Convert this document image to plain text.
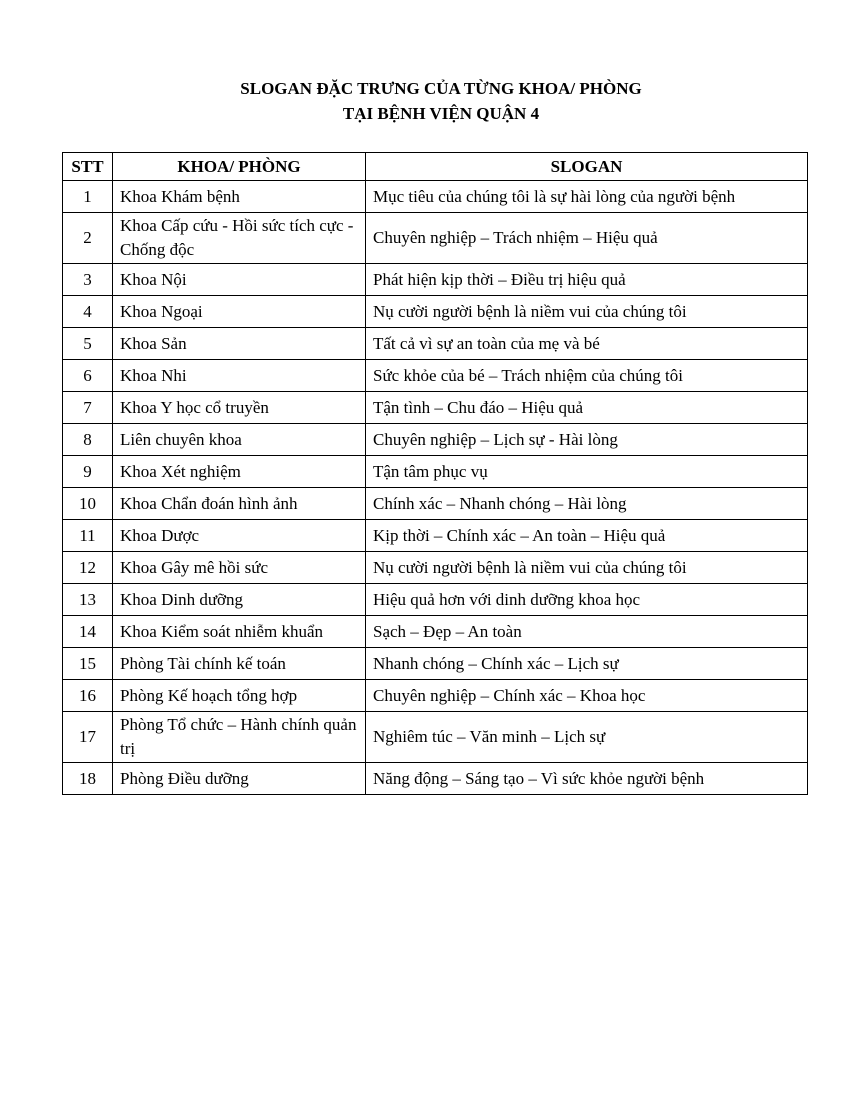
SLOGAN ĐẶC TRƯNG CỦA TỪNG KHOA/ PHÒNG
TẠI BỆNH VIỆN QUẬN 4
STT	KHOA/ PHÒNG	SLOGAN
1	Khoa Khám bệnh	Mục tiêu của chúng tôi là sự hài lòng của người bệnh
2	Khoa Cấp cứu - Hồi sức tích cực - Chống độc	Chuyên nghiệp – Trách nhiệm – Hiệu quả
3	Khoa Nội	Phát hiện kịp thời – Điều trị hiệu quả
4	Khoa Ngoại	Nụ cười người bệnh là niềm vui của chúng tôi
5	Khoa Sản	Tất cả vì sự an toàn của mẹ và bé
6	Khoa Nhi	Sức khỏe của bé – Trách nhiệm của chúng tôi
7	Khoa Y học cổ truyền	Tận tình – Chu đáo – Hiệu quả
8	Liên chuyên khoa	Chuyên nghiệp – Lịch sự - Hài lòng
9	Khoa Xét nghiệm	Tận tâm phục vụ
10	Khoa Chẩn đoán hình ảnh	Chính xác – Nhanh chóng – Hài lòng
11	Khoa Dược	Kịp thời – Chính xác – An toàn – Hiệu quả
12	Khoa Gây mê hồi sức	Nụ cười người bệnh là niềm vui của chúng tôi
13	Khoa Dinh dưỡng	Hiệu quả hơn với dinh dưỡng khoa học
14	Khoa Kiểm soát nhiễm khuẩn	Sạch – Đẹp – An toàn
15	Phòng Tài chính kế toán	Nhanh chóng – Chính xác – Lịch sự
16	Phòng Kế hoạch tổng hợp	Chuyên nghiệp – Chính xác – Khoa học
17	Phòng Tổ chức – Hành chính quản trị	Nghiêm túc – Văn minh – Lịch sự
18	Phòng Điều dưỡng	Năng động – Sáng tạo – Vì sức khỏe người bệnh
